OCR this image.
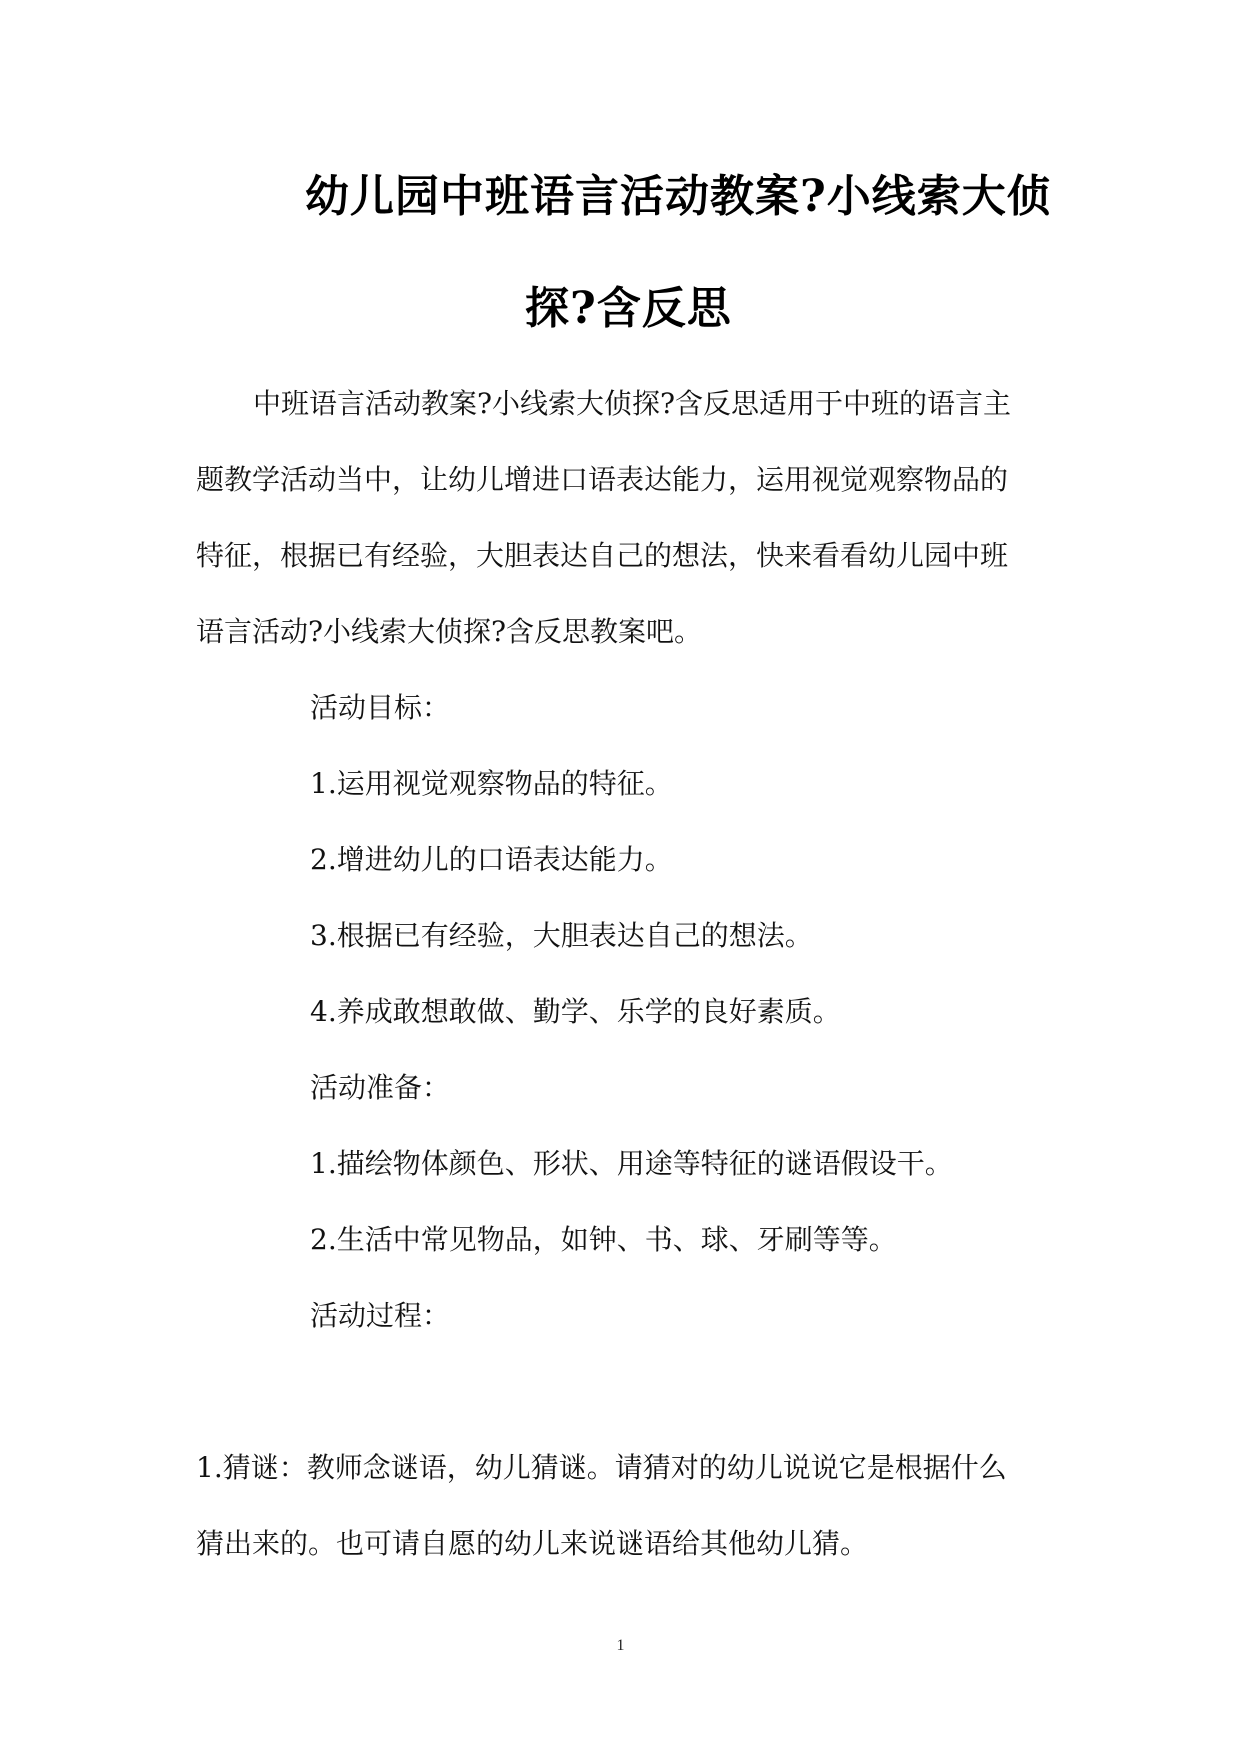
幼儿园中班语言活动教案?小线索大侦
探?含反思
中班语言活动教案?小线索大侦探?含反思适用于中班的语言主
题教学活动当中，让幼儿增进口语表达能力，运用视觉观察物品的
特征，根据已有经验，大胆表达自己的想法，快来看看幼儿园中班
语言活动?小线索大侦探?含反思教案吧。
活动目标：
1.运用视觉观察物品的特征。
2.增进幼儿的口语表达能力。
3.根据已有经验，大胆表达自己的想法。
4.养成敢想敢做、勤学、乐学的良好素质。
活动准备：
1.描绘物体颜色、形状、用途等特征的谜语假设干。
2.生活中常见物品，如钟、书、球、牙刷等等。
活动过程：
1.猜谜：教师念谜语，幼儿猜谜。请猜对的幼儿说说它是根据什么
猜出来的。也可请自愿的幼儿来说谜语给其他幼儿猜。
1
